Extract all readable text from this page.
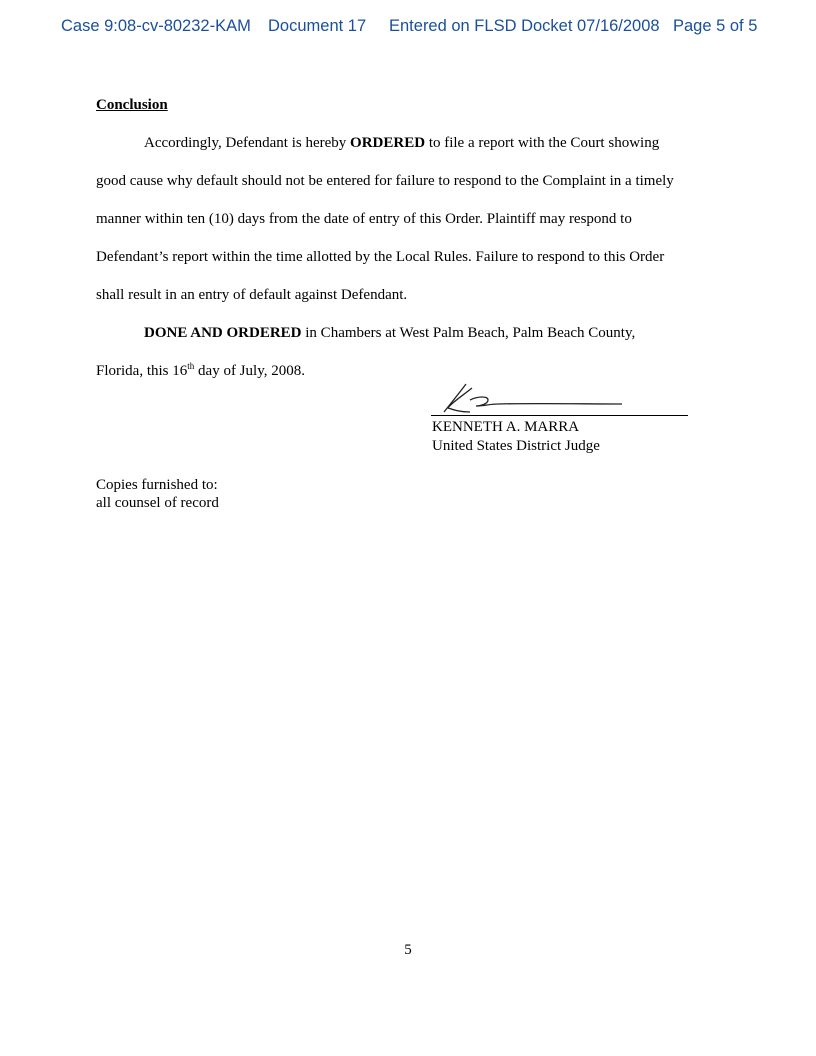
Case 9:08-cv-80232-KAM Document 17 Entered on FLSD Docket 07/16/2008 Page 5 of 5
Conclusion
Accordingly, Defendant is hereby ORDERED to file a report with the Court showing
good cause why default should not be entered for failure to respond to the Complaint in a timely
manner within ten (10) days from the date of entry of this Order. Plaintiff may respond to
Defendant’s report within the time allotted by the Local Rules. Failure to respond to this Order
shall result in an entry of default against Defendant.
DONE AND ORDERED in Chambers at West Palm Beach, Palm Beach County,
Florida, this 16th day of July, 2008.
KENNETH A. MARRA
United States District Judge
Copies furnished to:
all counsel of record
5
